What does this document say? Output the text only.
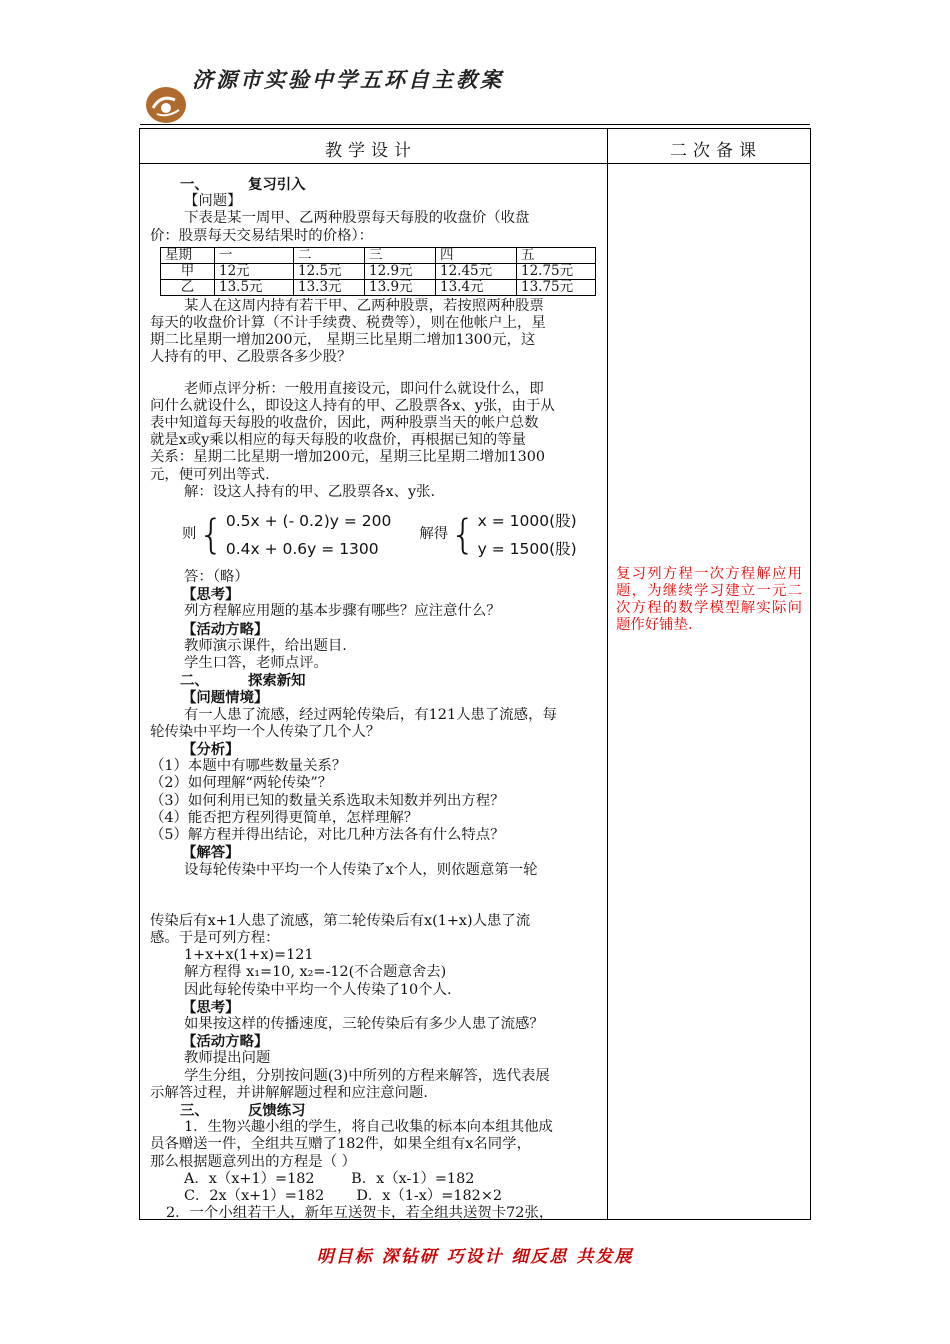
济源市实验中学五环自主教案
教学设计	二次备课

一、	复习引入

【问题】

下表是某一周甲、乙两种股票每天每股的收盘价（收盘

价：股票每天交易结果时的价格）：

星期	一	二	三	四	五
甲	12元	12.5元	12.9元	12.45元	12.75元
乙	13.5元	13.3元	13.9元	13.4元	13.75元

某人在这周内持有若干甲、乙两种股票，若按照两种股票

每天的收盘价计算（不计手续费、税费等），则在他帐户上，星

期二比星期一增加200元， 星期三比星期二增加1300元，这

人持有的甲、乙股票各多少股？

老师点评分析：一般用直接设元，即问什么就设什么，即

问什么就设什么，即设这人持有的甲、乙股票各x、y张，由于从

表中知道每天每股的收盘价，因此，两种股票当天的帐户总数

就是x或y乘以相应的每天每股的收盘价，再根据已知的等量

关系：星期二比星期一增加200元，星期三比星期二增加1300

元，便可列出等式.

解：设这人持有的甲、乙股票各x、y张.

则 { 0.5x + (- 0.2)y = 200
0.4x + 0.6y = 1300
解得 { x = 1000(股)
y = 1500(股)

答：（略）

【思考】

列方程解应用题的基本步骤有哪些？应注意什么？

【活动方略】

教师演示课件，给出题目.

学生口答，老师点评。

二、	探索新知

【问题情境】

有一人患了流感，经过两轮传染后，有121人患了流感，每

轮传染中平均一个人传染了几个人？

【分析】

（1）本题中有哪些数量关系？

（2）如何理解“两轮传染”？

（3）如何利用已知的数量关系选取未知数并列出方程？

（4）能否把方程列得更简单，怎样理解？

（5）解方程并得出结论，对比几种方法各有什么特点？

【解答】

设每轮传染中平均一个人传染了x个人，则依题意第一轮

传染后有x+1人患了流感，第二轮传染后有x(1+x)人患了流

感。于是可列方程：

1+x+x(1+x)=121

解方程得 x₁=10, x₂=-12(不合题意舍去)

因此每轮传染中平均一个人传染了10个人.

【思考】

如果按这样的传播速度，三轮传染后有多少人患了流感？

【活动方略】

教师提出问题

学生分组，分别按问题(3)中所列的方程来解答，选代表展

示解答过程，并讲解解题过程和应注意问题.

三、	反馈练习

1．生物兴趣小组的学生，将自己收集的标本向本组其他成

员各赠送一件，全组共互赠了182件，如果全组有x名同学，

那么根据题意列出的方程是（ ）

A．x（x+1）=182        B．x（x-1）=182

C．2x（x+1）=182       D．x（1-x）=182×2

2．一个小组若干人，新年互送贺卡，若全组共送贺卡72张，

复习列方程一次方程解应用题，为继续学习建立一元二次方程的数学模型解实际问题作好铺垫.
明目标 深钻研 巧设计 细反思 共发展
